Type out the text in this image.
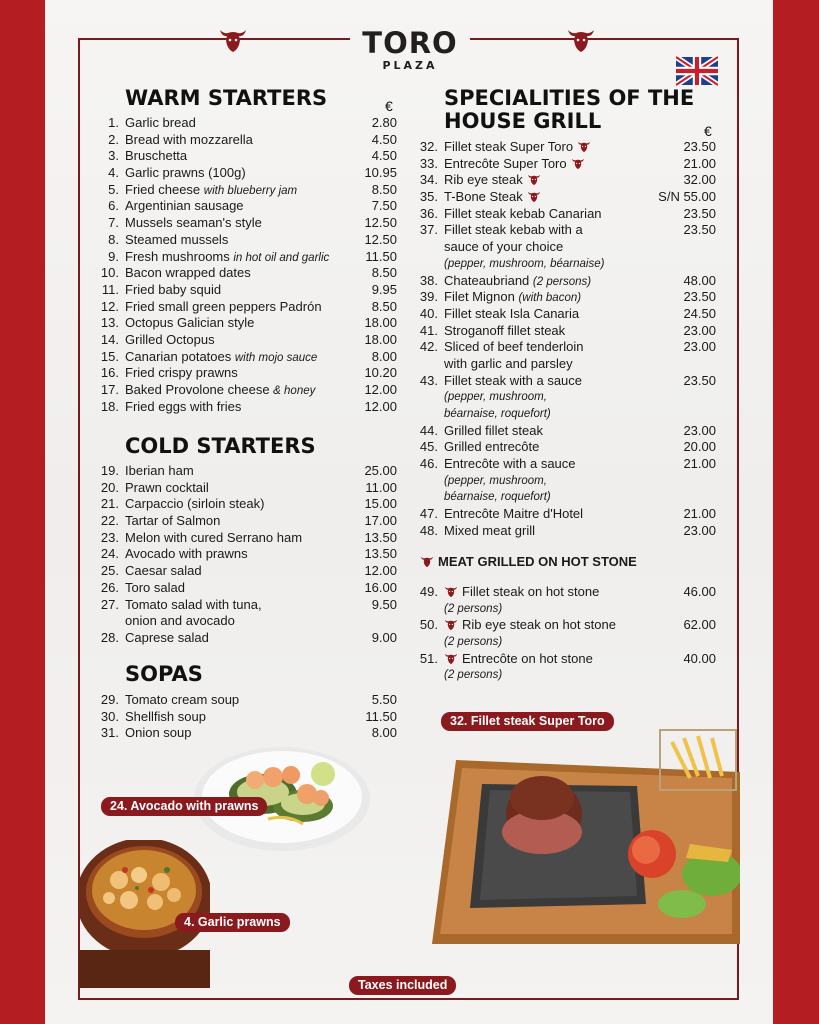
TORO
PLAZA
WARM STARTERS	€
1. Garlic bread	2.80
2. Bread with mozzarella	4.50
3. Bruschetta	4.50
4. Garlic prawns (100g)	10.95
5. Fried cheese with blueberry jam	8.50
6. Argentinian sausage	7.50
7. Mussels seaman's style	12.50
8. Steamed mussels	12.50
9. Fresh mushrooms in hot oil and garlic	11.50
10. Bacon wrapped dates	8.50
11. Fried baby squid	9.95
12. Fried small green peppers Padrón	8.50
13. Octopus Galician style	18.00
14. Grilled Octopus	18.00
15. Canarian potatoes with mojo sauce	8.00
16. Fried crispy prawns	10.20
17. Baked Provolone cheese & honey	12.00
18. Fried eggs with fries	12.00
COLD STARTERS
19. Iberian ham	25.00
20. Prawn cocktail	11.00
21. Carpaccio (sirloin steak)	15.00
22. Tartar of Salmon	17.00
23. Melon with cured Serrano ham	13.50
24. Avocado with prawns	13.50
25. Caesar salad	12.00
26. Toro salad	16.00
27. Tomato salad with tuna,	9.50
onion and avocado
28. Caprese salad	9.00
SOPAS
29. Tomato cream soup	5.50
30. Shellfish soup	11.50
31. Onion soup	8.00
SPECIALITIES OF THE
HOUSE GRILL	€
32. Fillet steak Super Toro	23.50
33. Entrecôte Super Toro	21.00
34. Rib eye steak	32.00
35. T-Bone Steak	S/N 55.00
36. Fillet steak kebab Canarian	23.50
37. Fillet steak kebab with a	23.50
sauce of your choice
(pepper, mushroom, béarnaise)
38. Chateaubriand (2 persons)	48.00
39. Filet Mignon (with bacon)	23.50
40. Fillet steak Isla Canaria	24.50
41. Stroganoff fillet steak	23.00
42. Sliced of beef tenderloin	23.00
with garlic and parsley
43. Fillet steak with a sauce	23.50
(pepper, mushroom,
béarnaise, roquefort)
44. Grilled fillet steak	23.00
45. Grilled entrecôte	20.00
46. Entrecôte with a sauce	21.00
(pepper, mushroom,
béarnaise, roquefort)
47. Entrecôte Maitre d'Hotel	21.00
48. Mixed meat grill	23.00
MEAT GRILLED ON HOT STONE
49.	Fillet steak on hot stone	46.00
(2 persons)
50.	Rib eye steak on hot stone	62.00
(2 persons)
51.	Entrecôte on hot stone	40.00
(2 persons)
24. Avocado with prawns
4. Garlic prawns
32. Fillet steak Super Toro
Taxes included
